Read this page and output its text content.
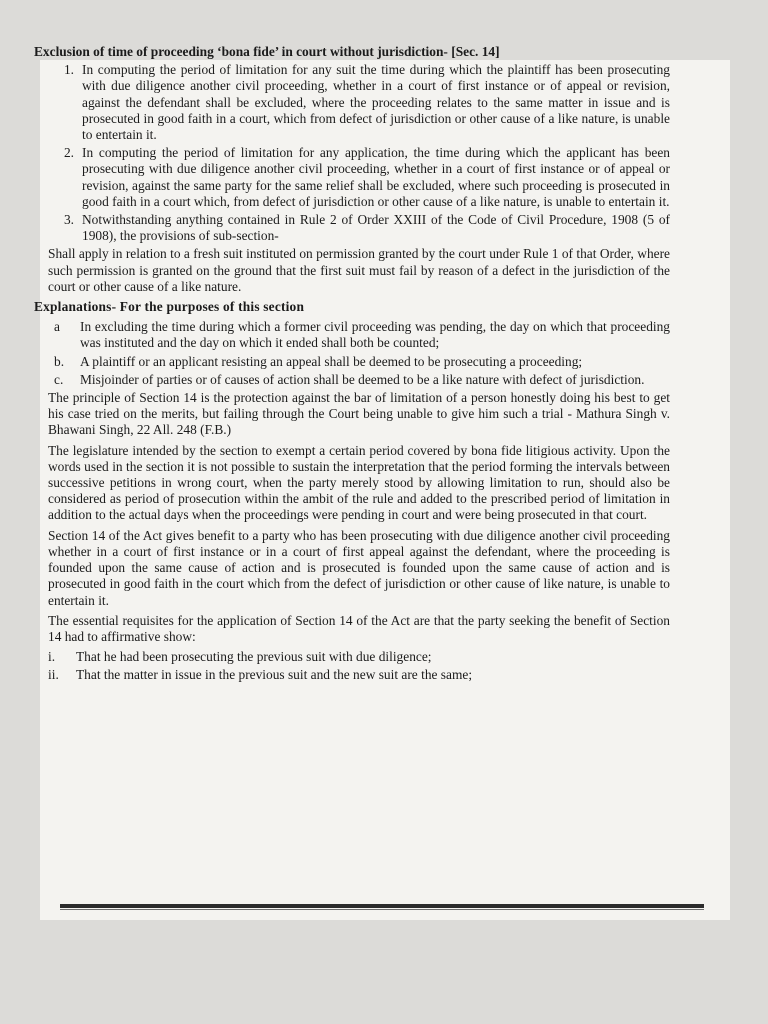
Exclusion of time of proceeding ‘bona fide’ in court without jurisdiction- [Sec. 14]

1. In computing the period of limitation for any suit the time during which the plaintiff has been prosecuting with due diligence another civil proceeding, whether in a court of first instance or of appeal or revision, against the defendant shall be excluded, where the proceeding relates to the same matter in issue and is prosecuted in good faith in a court, which from defect of jurisdiction or other cause of a like nature, is unable to entertain it.
2. In computing the period of limitation for any application, the time during which the applicant has been prosecuting with due diligence another civil proceeding, whether in a court of first instance or of appeal or revision, against the same party for the same relief shall be excluded, where such proceeding is prosecuted in good faith in a court which, from defect of jurisdiction or other cause of a like nature, is unable to entertain it.
3. Notwithstanding anything contained in Rule 2 of Order XXIII of the Code of Civil Procedure, 1908 (5 of 1908), the provisions of sub-section-

Shall apply in relation to a fresh suit instituted on permission granted by the court under Rule 1 of that Order, where such permission is granted on the ground that the first suit must fail by reason of a defect in the jurisdiction of the court or other cause of a like nature.

Explanations- For the purposes of this section

a	In excluding the time during which a former civil proceeding was pending, the day on which that proceeding was instituted and the day on which it ended shall both be counted;
b.	A plaintiff or an applicant resisting an appeal shall be deemed to be prosecuting a proceeding;
c.	Misjoinder of parties or of causes of action shall be deemed to be a like nature with defect of jurisdiction.

The principle of Section 14 is the protection against the bar of limitation of a person honestly doing his best to get his case tried on the merits, but failing through the Court being unable to give him such a trial - Mathura Singh v. Bhawani Singh, 22 All. 248 (F.B.)

The legislature intended by the section to exempt a certain period covered by bona fide litigious activity. Upon the words used in the section it is not possible to sustain the interpretation that the period forming the intervals between successive petitions in wrong court, when the party merely stood by allowing limitation to run, should also be considered as period of prosecution within the ambit of the rule and added to the prescribed period of limitation in addition to the actual days when the proceedings were pending in court and were being prosecuted in that court.

Section 14 of the Act gives benefit to a party who has been prosecuting with due diligence another civil proceeding whether in a court of first instance or in a court of first appeal against the defendant, where the proceeding is founded upon the same cause of action and is prosecuted is founded upon the same cause of action and is prosecuted in good faith in the court which from the defect of jurisdiction or other cause of like nature, is unable to entertain it.

The essential requisites for the application of Section 14 of the Act are that the party seeking the benefit of Section 14 had to affirmative show:

i.	That he had been prosecuting the previous suit with due diligence;
ii.	That the matter in issue in the previous suit and the new suit are the same;
